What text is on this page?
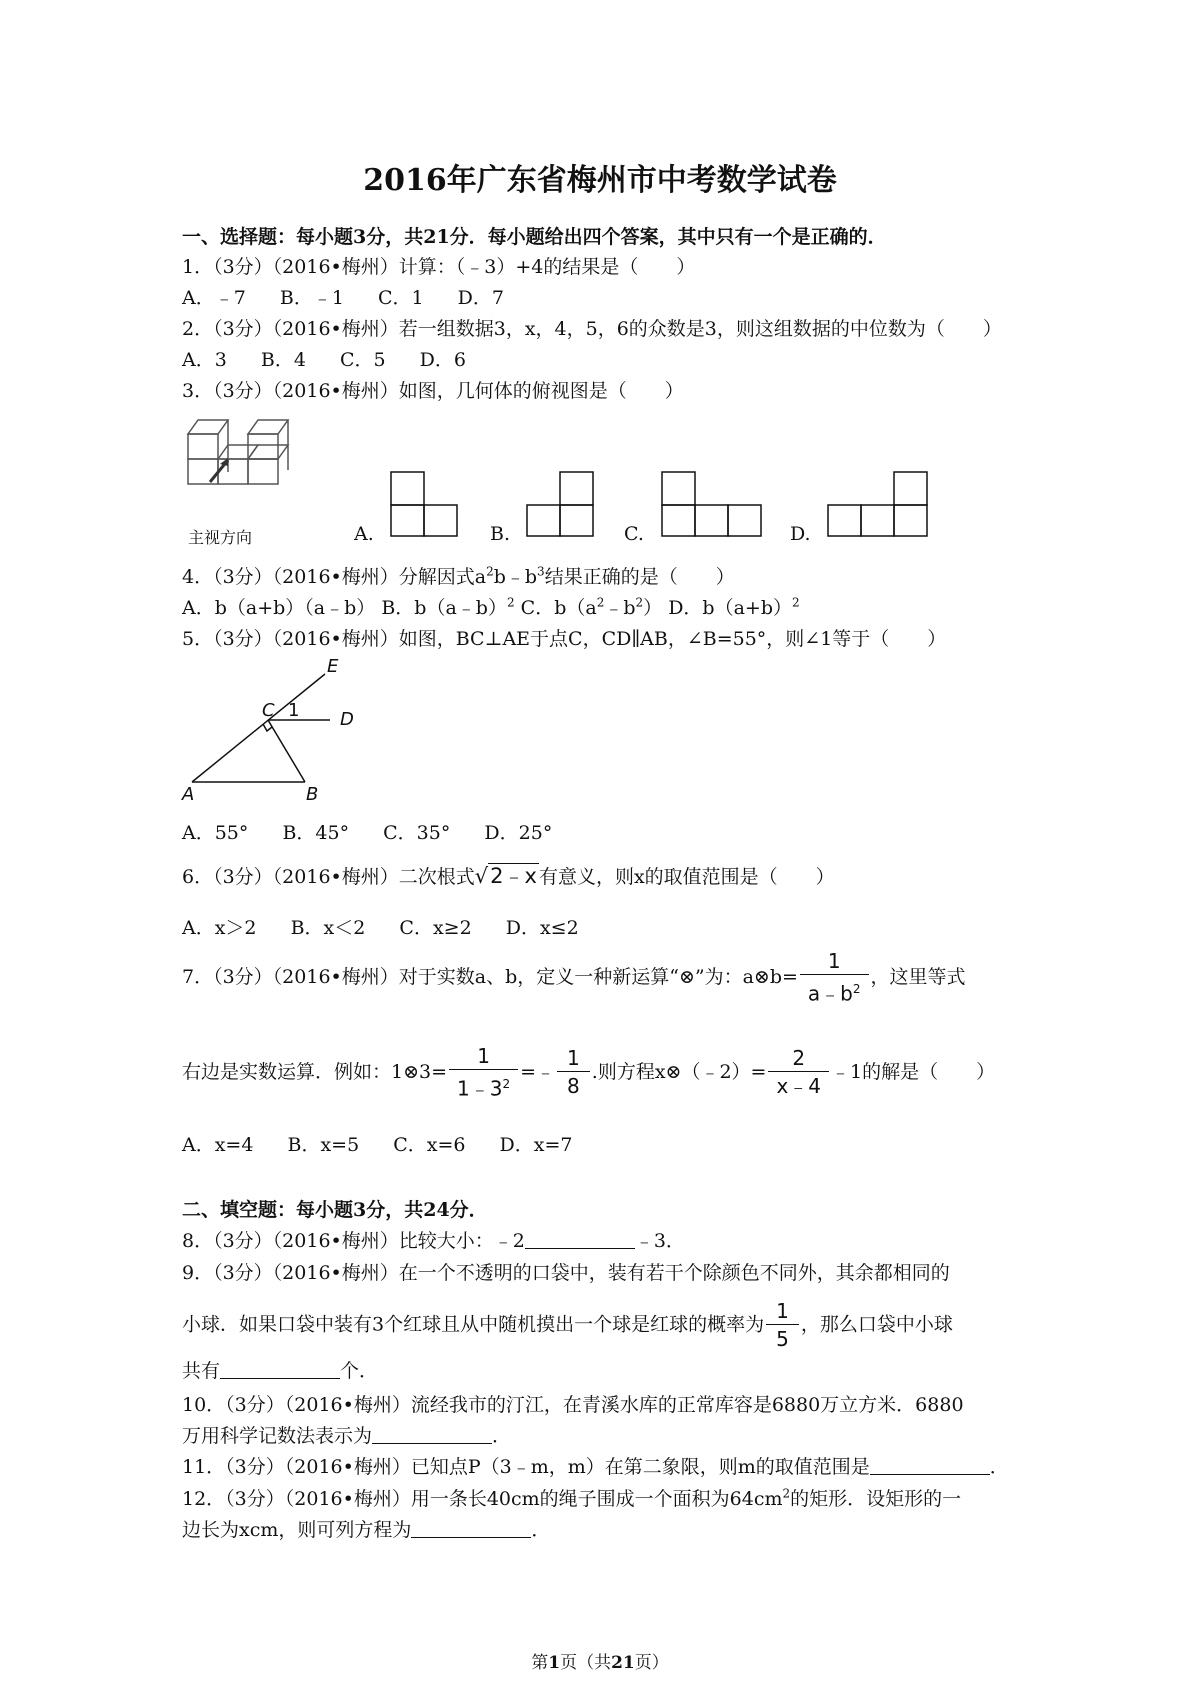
2016年广东省梅州市中考数学试卷
一、选择题：每小题3分，共21分．每小题给出四个答案，其中只有一个是正确的．
1．（3分）（2016•梅州）计算：（﹣3）+4的结果是（　　）
A．﹣7 B．﹣1 C．1 D．7
2．（3分）（2016•梅州）若一组数据3，x，4，5，6的众数是3，则这组数据的中位数为（　　）
A．3 B．4 C．5 D．6
3．（3分）（2016•梅州）如图，几何体的俯视图是（　　）
主视方向	A.	B.	C.	D.
4．（3分）（2016•梅州）分解因式$a^2b﹣b^3$结果正确的是（　　）
A．b（a+b）（a﹣b） B．b（a﹣b）$^2$ C．$b(a^2﹣b^2)$ D．$b(a+b)^2$
5．（3分）（2016•梅州）如图，BC⊥AE于点C，CD∥AB，∠B=55°，则∠1等于（　　）
E
C	D
A	B
1
A．55° B．45° C．35° D．25°
6．（3分）（2016•梅州）二次根式√2﹣x 有意义，则x的取值范围是（　　）
A．x＞2 B．x＜2 C．x≥2 D．x≤2
7．（3分）（2016•梅州）对于实数a、b，定义一种新运算“⊗”为：a⊗b= $\frac{1}{a﹣b^2}$ ，这里等式
右边是实数运算．例如：1⊗3= $\frac{1}{1﹣3^2}$ =﹣ $\frac{1}{8}$ .则方程x⊗（﹣2）= $\frac{2}{x﹣4}$ ﹣1的解是（　　）
A．x=4 B．x=5 C．x=6 D．x=7
二、填空题：每小题3分，共24分．
8．（3分）（2016•梅州）比较大小：﹣2	﹣3．
9．（3分）（2016•梅州）在一个不透明的口袋中，装有若干个除颜色不同外，其余都相同的
小球．如果口袋中装有3个红球且从中随机摸出一个球是红球的概率为 $\frac{1}{5}$ ，那么口袋中小球
共有	个．
10．（3分）（2016•梅州）流经我市的汀江，在青溪水库的正常库容是6880万立方米．6880
万用科学记数法表示为	．
11．（3分）（2016•梅州）已知点P（3﹣m，m）在第二象限，则m的取值范围是	．
12．（3分）（2016•梅州）用一条长40cm的绳子围成一个面积为$64cm^2$的矩形．设矩形的一
边长为xcm，则可列方程为	．
第1页（共21页）
